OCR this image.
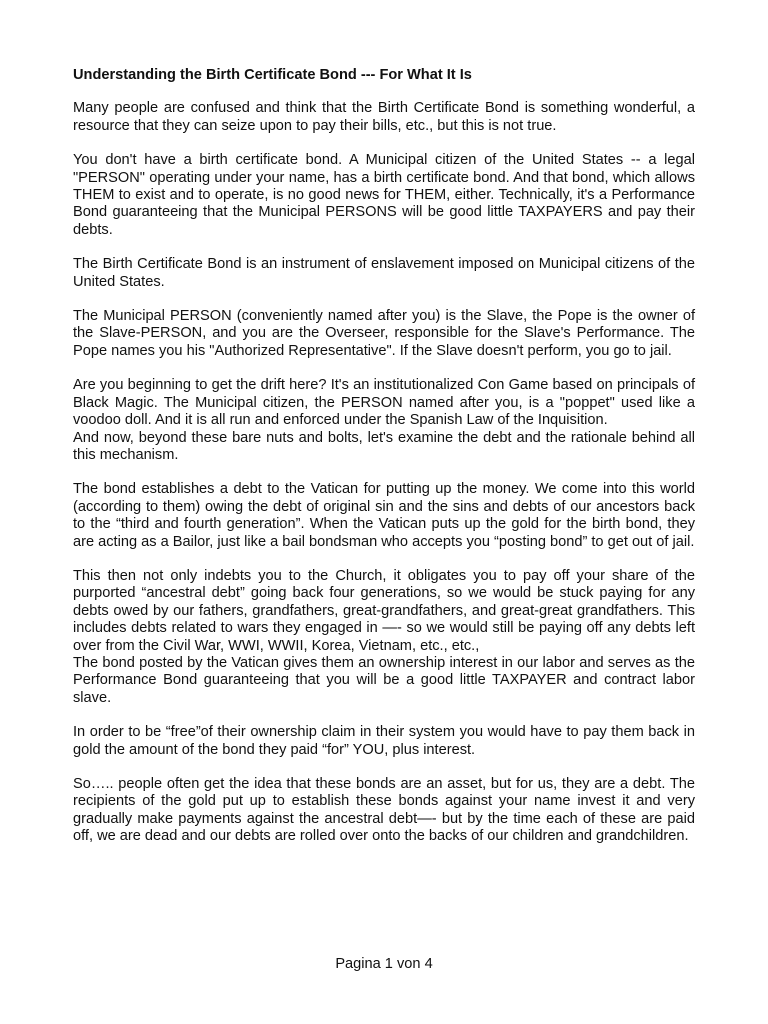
Understanding the Birth Certificate Bond --- For What It Is

Many people are confused and think that the Birth Certificate Bond is something wonderful, a resource that they can seize upon to pay their bills, etc., but this is not true.

You don't have a birth certificate bond. A Municipal citizen of the United States -- a legal "PERSON" operating under your name, has a birth certificate bond. And that bond, which allows THEM to exist and to operate, is no good news for THEM, either. Technically, it's a Performance Bond guaranteeing that the Municipal PERSONS will be good little TAXPAYERS and pay their debts.

The Birth Certificate Bond is an instrument of enslavement imposed on Municipal citizens of the United States.

The Municipal PERSON (conveniently named after you) is the Slave, the Pope is the owner of the Slave-PERSON, and you are the Overseer, responsible for the Slave's Performance. The Pope names you his "Authorized Representative". If the Slave doesn't perform, you go to jail.

Are you beginning to get the drift here? It's an institutionalized Con Game based on principals of Black Magic. The Municipal citizen, the PERSON named after you, is a "poppet" used like a voodoo doll. And it is all run and enforced under the Spanish Law of the Inquisition.

And now, beyond these bare nuts and bolts, let's examine the debt and the rationale behind all this mechanism.

The bond establishes a debt to the Vatican for putting up the money. We come into this world (according to them) owing the debt of original sin and the sins and debts of our ancestors back to the “third and fourth generation”. When the Vatican puts up the gold for the birth bond, they are acting as a Bailor, just like a bail bondsman who accepts you “posting bond” to get out of jail.

This then not only indebts you to the Church, it obligates you to pay off your share of the purported “ancestral debt” going back four generations, so we would be stuck paying for any debts owed by our fathers, grandfathers, great-grandfathers, and great-great grandfathers. This includes debts related to wars they engaged in —- so we would still be paying off any debts left over from the Civil War, WWI, WWII, Korea, Vietnam, etc., etc.,

The bond posted by the Vatican gives them an ownership interest in our labor and serves as the Performance Bond guaranteeing that you will be a good little TAXPAYER and contract labor slave.

In order to be “free”of their ownership claim in their system you would have to pay them back in gold the amount of the bond they paid “for” YOU, plus interest.

So….. people often get the idea that these bonds are an asset, but for us, they are a debt. The recipients of the gold put up to establish these bonds against your name invest it and very gradually make payments against the ancestral debt—- but by the time each of these are paid off, we are dead and our debts are rolled over onto the backs of our children and grandchildren.

Pagina 1 von 4
